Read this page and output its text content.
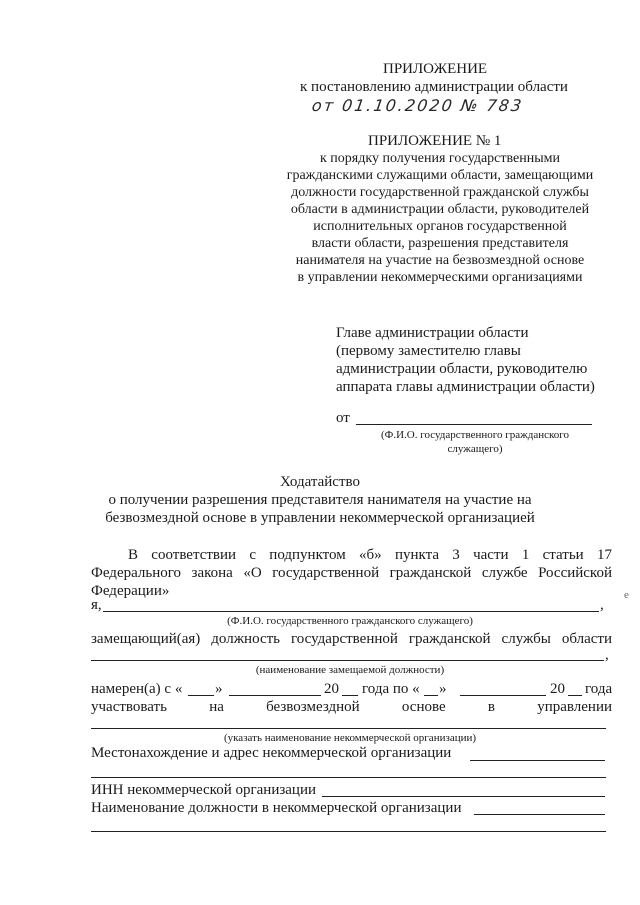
ПРИЛОЖЕНИЕ
к постановлению администрации области
от 01.10.2020 № 783
ПРИЛОЖЕНИЕ № 1
к порядку получения государственными
гражданскими служащими области, замещающими
должности государственной гражданской службы
области в администрации области, руководителей
исполнительных органов государственной
власти области, разрешения представителя
нанимателя на участие на безвозмездной основе
в управлении некоммерческими организациями
Главе администрации области
(первому заместителю главы
администрации области, руководителю
аппарата главы администрации области)
от
(Ф.И.О. государственного гражданского
служащего)
Ходатайство
о получении разрешения представителя нанимателя на участие на
безвозмездной основе в управлении некоммерческой организацией
В соответствии с подпунктом «б» пункта 3 части 1 статьи 17
Федерального закона «О государственной гражданской службе Российской
Федерации»
я,	,
(Ф.И.О. государственного гражданского служащего)
замещающий(ая) должность государственной гражданской службы области
,
(наименование замещаемой должности)
намерен(а) с « »	20 года по « »	20 года
участвовать	на	безвозмездной	основе	в	управлении
(указать наименование некоммерческой организации)
Местонахождение и адрес некоммерческой организации
ИНН некоммерческой организации
Наименование должности в некоммерческой организации
e
